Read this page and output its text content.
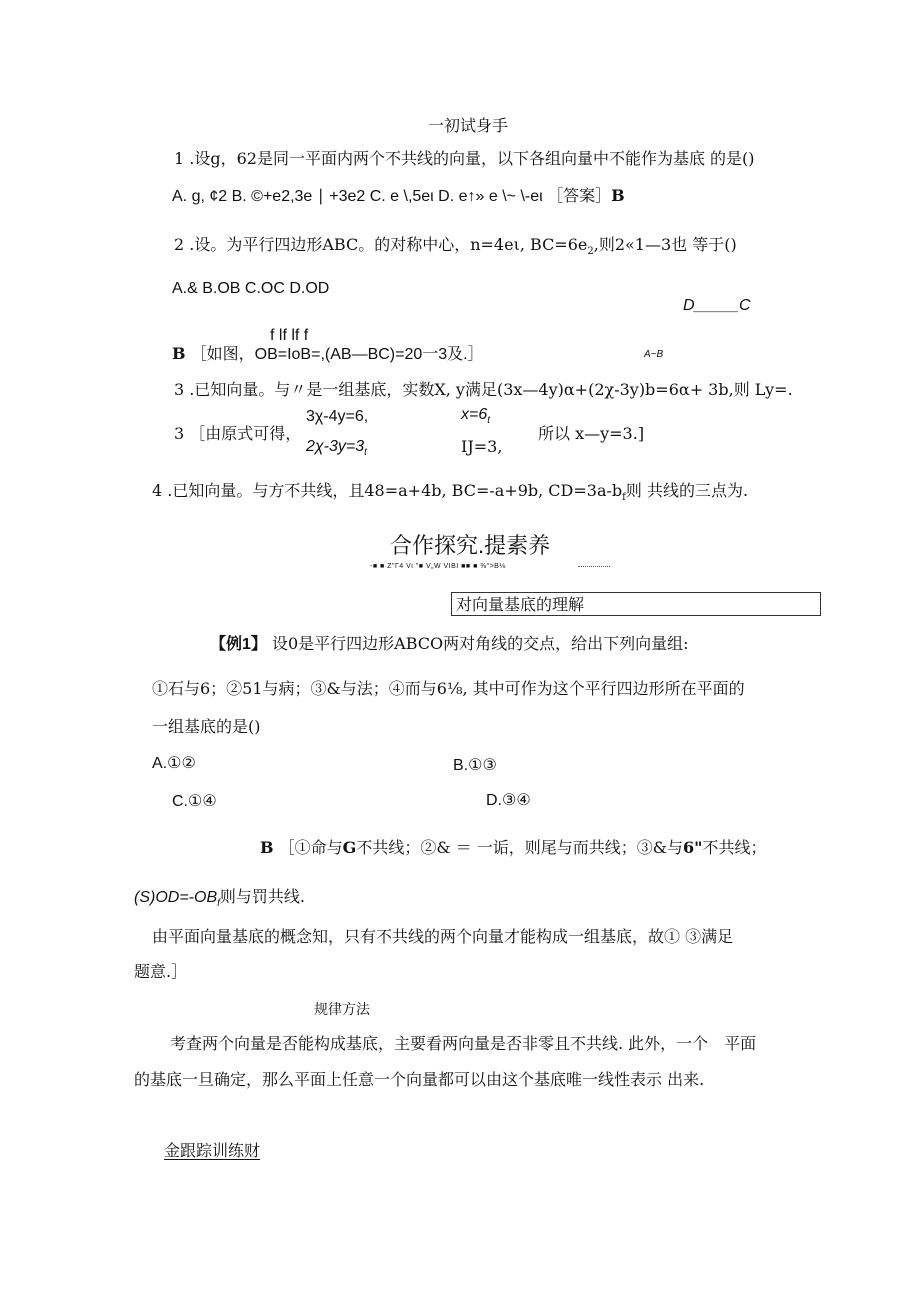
一初试身手
1 .设g，62是同一平面内两个不共线的向量，以下各组向量中不能作为基底 的是()
A. g, ¢2 B. ©+e2,3e ∣ +3e2 C. e \,5eι D. e↑» e \~ \-eι ［答案］B
2 .设。为平行四边形ABC。的对称中心，n=4eι, $BC=6e_2$,则2«1—3也 等于()
A.& B.OB C.OC D.OD
D_____C
f lf lf f
B ［如图，OB=IoB=,(AB—BC)=20一3及.］	A~B
3 .已知向量。与〃是一组基底，实数X, y满足(3x—4y)α+(2χ-3y)b=6α+ 3b,则 Ly=.
3 ［由原式可得，
3χ-4y=6,
$2\chi-3y=3_t$
$x=6_t$
IJ=3,
所以 x—y=3.]
4 .已知向量。与方不共线，且48=a+4b, BC=-a+9b, $CD=3a-b_f$则 共线的三点为.
合作探究.提素养
-■ ■ Z"Γ4 Vι "■ V„W VIBI ■■ ■ ⅜">B⅛
对向量基底的理解
【例1】 设0是平行四边形ABCO两对角线的交点，给出下列向量组:
①石与6；②51与病；③&与法；④而与6⅛, 其中可作为这个平行四边形所在平面的
一组基底的是()
A.①②	B.①③
C.①④	D.③④
B ［①命与G不共线；②& ＝ 一诟，则尾与而共线；③&与6"不共线；
$(S)OD=-OB_f$则与罚共线.
由平面向量基底的概念知，只有不共线的两个向量才能构成一组基底，故① ③满足
题意.］
规律方法
考查两个向量是否能构成基底，主要看两向量是否非零且不共线. 此外，一个　平面
的基底一旦确定，那么平面上任意一个向量都可以由这个基底唯一线性表示 出来.
金跟踪训练财
